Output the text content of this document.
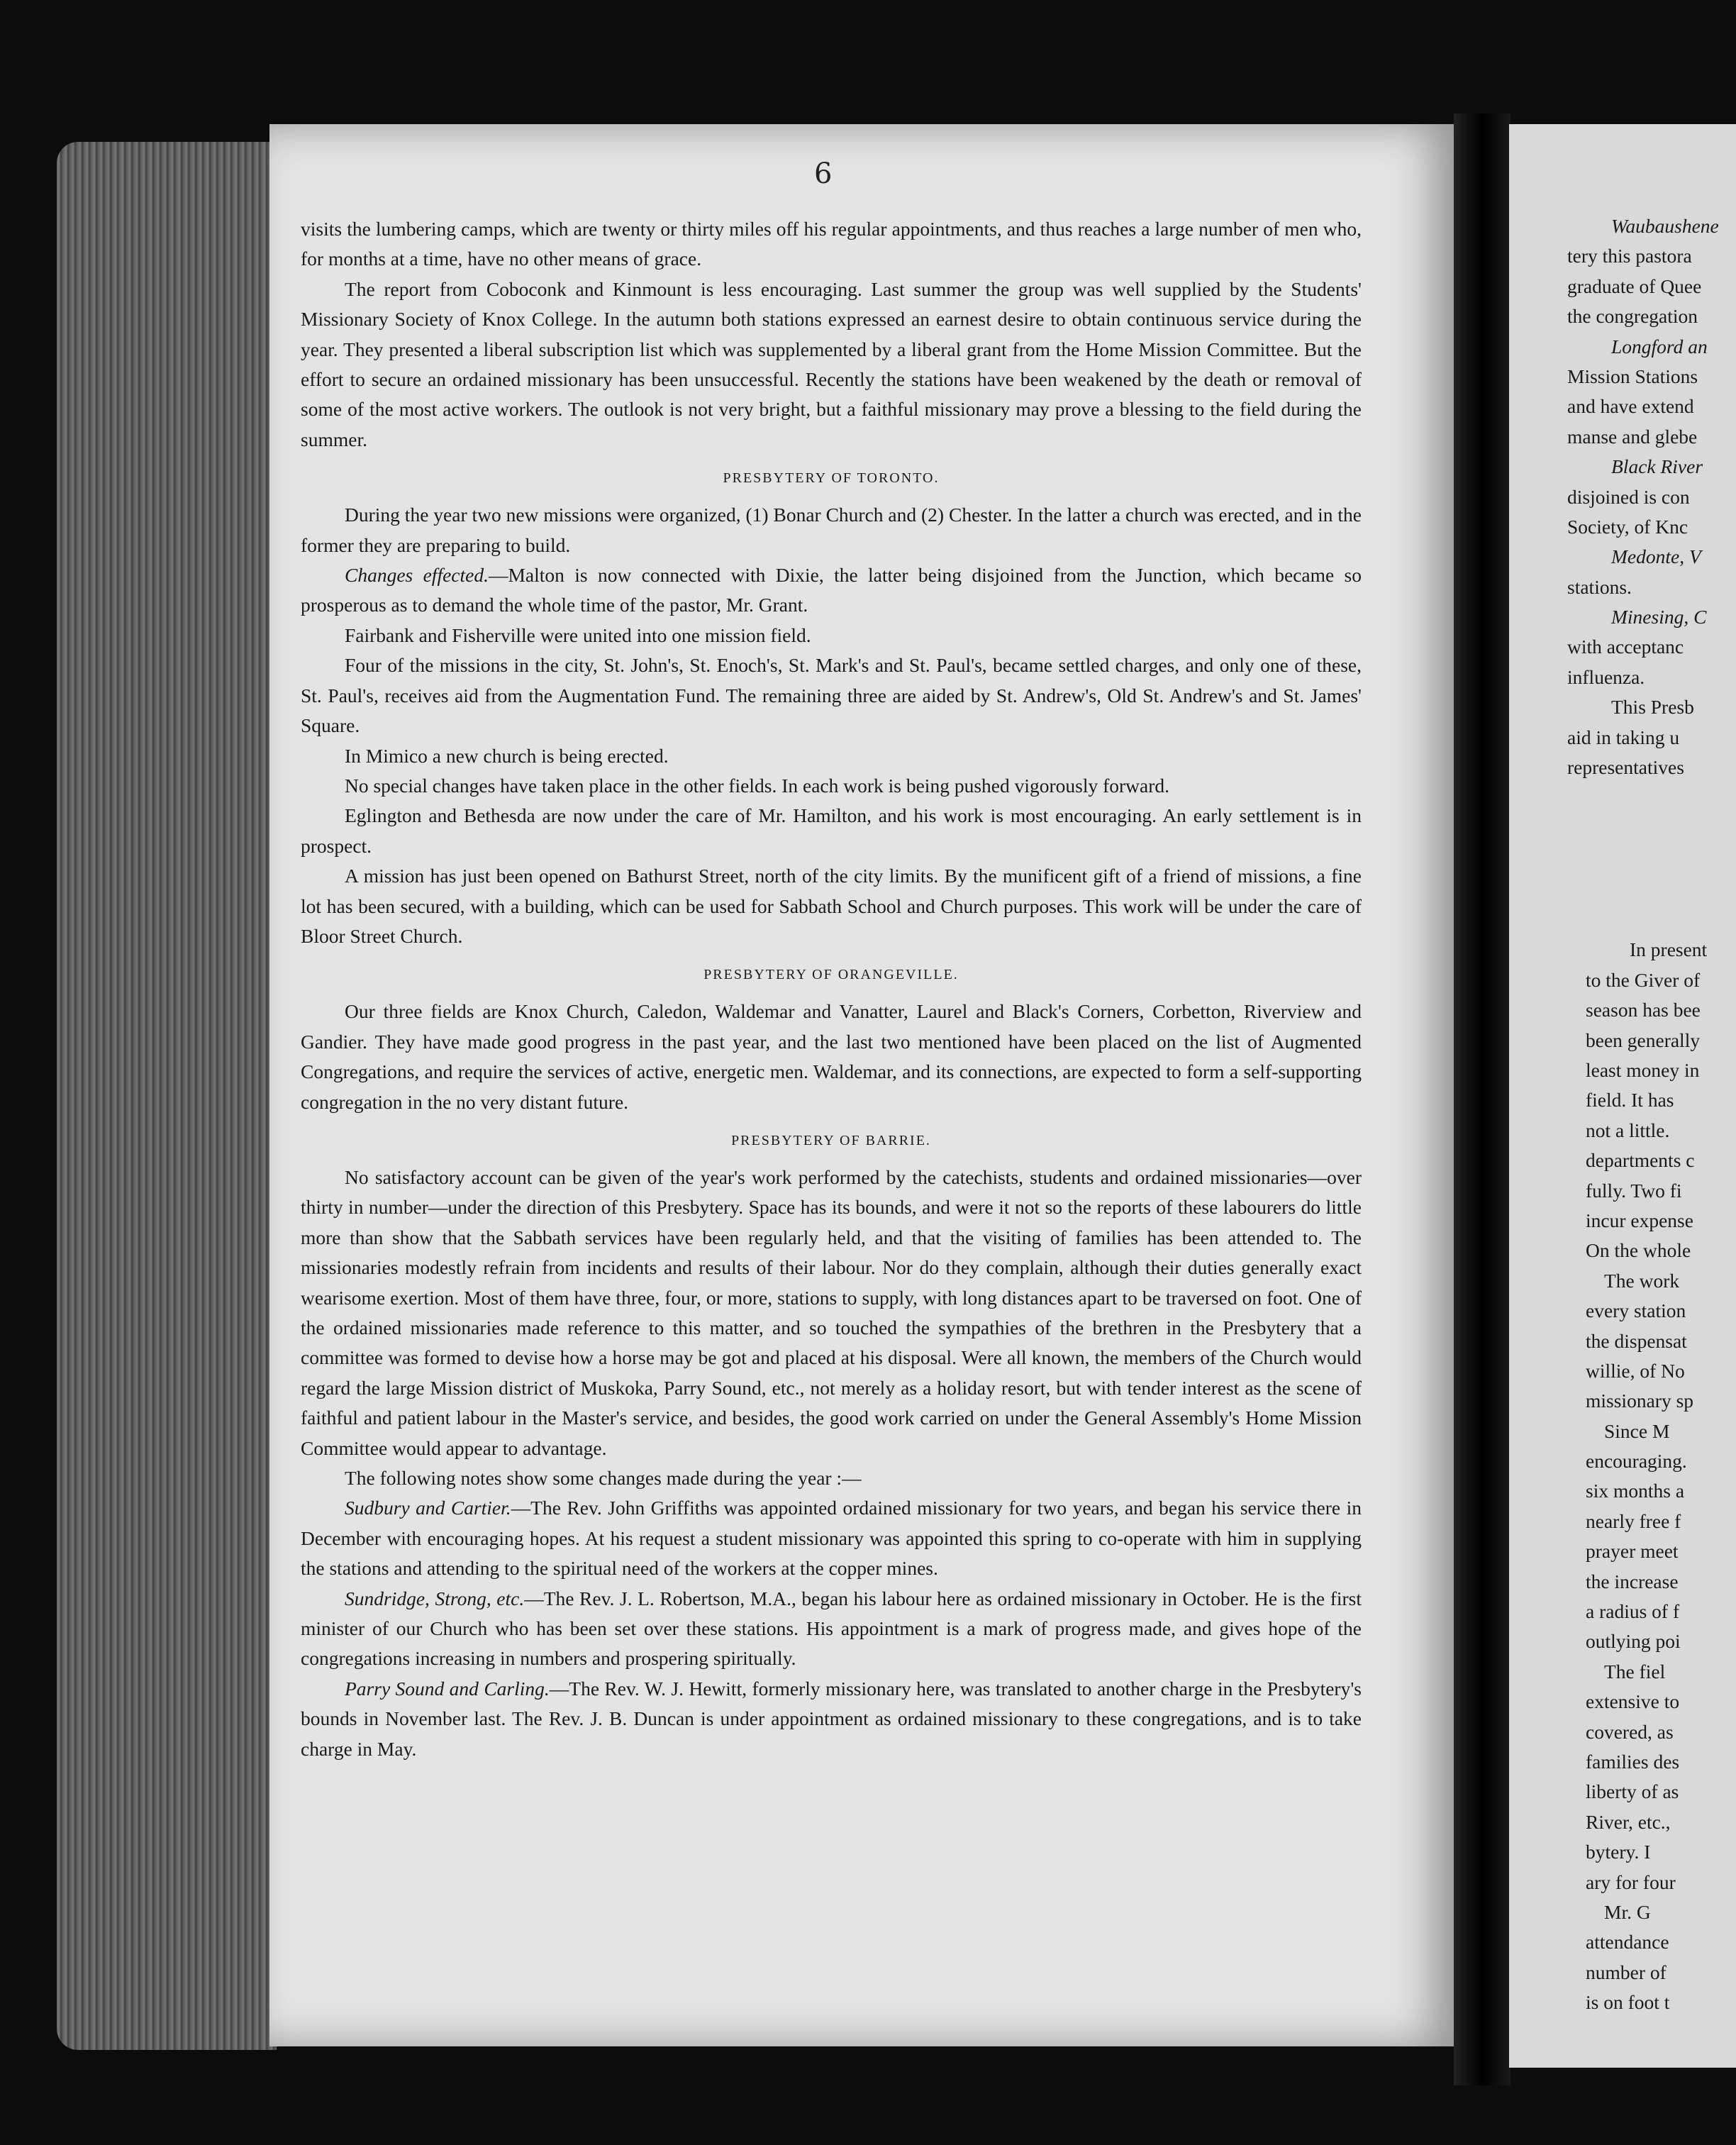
6

visits the lumbering camps, which are twenty or thirty miles off his regular appointments, and thus reaches a large number of men who, for months at a time, have no other means of grace.

The report from Coboconk and Kinmount is less encouraging. Last summer the group was well supplied by the Students' Missionary Society of Knox College. In the autumn both stations expressed an earnest desire to obtain continuous service during the year. They presented a liberal subscription list which was supplemented by a liberal grant from the Home Mission Committee. But the effort to secure an ordained missionary has been unsuccessful. Recently the stations have been weakened by the death or removal of some of the most active workers. The outlook is not very bright, but a faithful missionary may prove a blessing to the field during the summer.

PRESBYTERY OF TORONTO.

During the year two new missions were organized, (1) Bonar Church and (2) Chester. In the latter a church was erected, and in the former they are preparing to build.

Changes effected.—Malton is now connected with Dixie, the latter being disjoined from the Junction, which became so prosperous as to demand the whole time of the pastor, Mr. Grant.

Fairbank and Fisherville were united into one mission field.

Four of the missions in the city, St. John's, St. Enoch's, St. Mark's and St. Paul's, became settled charges, and only one of these, St. Paul's, receives aid from the Augmentation Fund. The remaining three are aided by St. Andrew's, Old St. Andrew's and St. James' Square.

In Mimico a new church is being erected.

No special changes have taken place in the other fields. In each work is being pushed vigorously forward.

Eglington and Bethesda are now under the care of Mr. Hamilton, and his work is most encouraging. An early settlement is in prospect.

A mission has just been opened on Bathurst Street, north of the city limits. By the munificent gift of a friend of missions, a fine lot has been secured, with a building, which can be used for Sabbath School and Church purposes. This work will be under the care of Bloor Street Church.

PRESBYTERY OF ORANGEVILLE.

Our three fields are Knox Church, Caledon, Waldemar and Vanatter, Laurel and Black's Corners, Corbetton, Riverview and Gandier. They have made good progress in the past year, and the last two mentioned have been placed on the list of Augmented Congregations, and require the services of active, energetic men. Waldemar, and its connections, are expected to form a self-supporting congregation in the no very distant future.

PRESBYTERY OF BARRIE.

No satisfactory account can be given of the year's work performed by the catechists, students and ordained missionaries—over thirty in number—under the direction of this Presbytery. Space has its bounds, and were it not so the reports of these labourers do little more than show that the Sabbath services have been regularly held, and that the visiting of families has been attended to. The missionaries modestly refrain from incidents and results of their labour. Nor do they complain, although their duties generally exact wearisome exertion. Most of them have three, four, or more, stations to supply, with long distances apart to be traversed on foot. One of the ordained missionaries made reference to this matter, and so touched the sympathies of the brethren in the Presbytery that a committee was formed to devise how a horse may be got and placed at his disposal. Were all known, the members of the Church would regard the large Mission district of Muskoka, Parry Sound, etc., not merely as a holiday resort, but with tender interest as the scene of faithful and patient labour in the Master's service, and besides, the good work carried on under the General Assembly's Home Mission Committee would appear to advantage.

The following notes show some changes made during the year :—

Sudbury and Cartier.—The Rev. John Griffiths was appointed ordained missionary for two years, and began his service there in December with encouraging hopes. At his request a student missionary was appointed this spring to co-operate with him in supplying the stations and attending to the spiritual need of the workers at the copper mines.

Sundridge, Strong, etc.—The Rev. J. L. Robertson, M.A., began his labour here as ordained missionary in October. He is the first minister of our Church who has been set over these stations. His appointment is a mark of progress made, and gives hope of the congregations increasing in numbers and prospering spiritually.

Parry Sound and Carling.—The Rev. W. J. Hewitt, formerly missionary here, was translated to another charge in the Presbytery's bounds in November last. The Rev. J. B. Duncan is under appointment as ordained missionary to these congregations, and is to take charge in May.

Waubaushene
tery this pastora
graduate of Quee
the congregation
Longford an
Mission Stations
and have extend
manse and glebe
Black River
disjoined is con
Society, of Knc
Medonte, V
stations.
Minesing, C
with acceptanc
influenza.
This Presb
aid in taking u
representatives
In present
to the Giver of
season has bee
been generally
least money in
field. It has
not a little.
departments c
fully. Two fi
incur expense
On the whole
The work
every station
the dispensat
willie, of No
missionary sp
Since M
encouraging.
six months a
nearly free f
prayer meet
the increase
a radius of f
outlying poi
The fiel
extensive to
covered, as
families des
liberty of as
River, etc.,
bytery. I
ary for four
Mr. G
attendance
number of
is on foot t
